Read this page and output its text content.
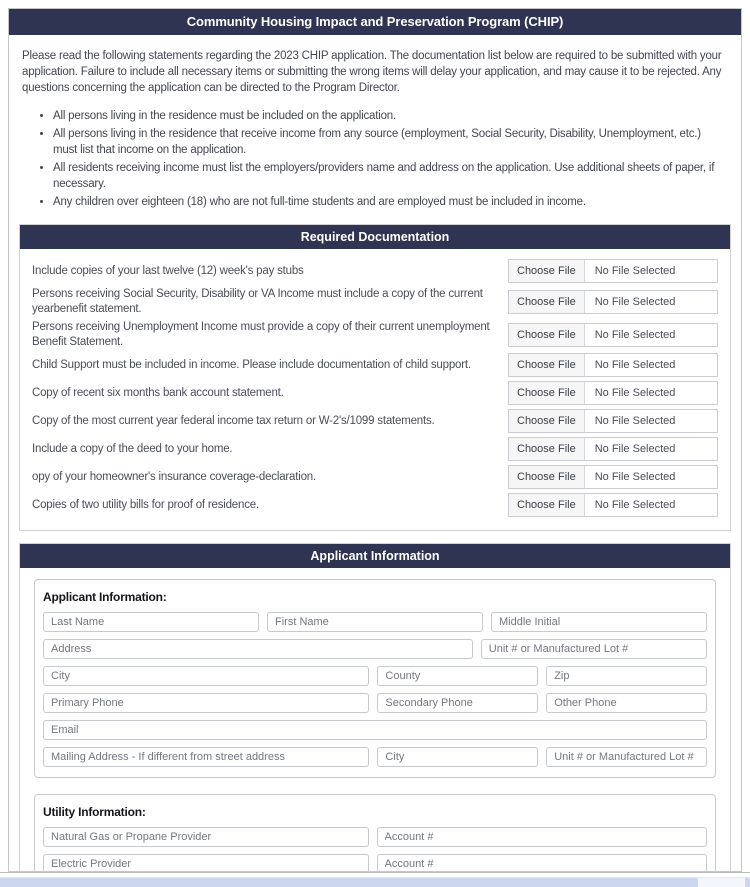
Community Housing Impact and Preservation Program (CHIP)

Please read the following statements regarding the 2023 CHIP application. The documentation list below are required to be submitted with your application. Failure to include all necessary items or submitting the wrong items will delay your application, and may cause it to be rejected. Any questions concerning the application can be directed to the Program Director.

• All persons living in the residence must be included on the application.
• All persons living in the residence that receive income from any source (employment, Social Security, Disability, Unemployment, etc.) must list that income on the application.
• All residents receiving income must list the employers/providers name and address on the application. Use additional sheets of paper, if necessary.
• Any children over eighteen (18) who are not full-time students and are employed must be included in income.
Required Documentation
Include copies of your last twelve (12) week's pay stubs	Choose File	No File Selected
Persons receiving Social Security, Disability or VA Income must include a copy of the current yearbenefit statement.
Choose File	No File Selected
Persons receiving Unemployment Income must provide a copy of their current unemployment Benefit Statement.
Choose File	No File Selected
Child Support must be included in income. Please include documentation of child support.	Choose File	No File Selected
Copy of recent six months bank account statement.	Choose File	No File Selected
Copy of the most current year federal income tax return or W-2's/1099 statements.	Choose File	No File Selected
Include a copy of the deed to your home.	Choose File	No File Selected
opy of your homeowner's insurance coverage-declaration.	Choose File	No File Selected
Copies of two utility bills for proof of residence.	Choose File	No File Selected
Applicant Information
Applicant Information:
Last Name
First Name
Middle Initial
Address
Unit # or Manufactured Lot #
City
County
Zip
Primary Phone
Secondary Phone
Other Phone
Email
Mailing Address - If different from street address
City
Unit # or Manufactured Lot #
Utility Information:
Natural Gas or Propane Provider
Account #
Electric Provider
Account #
